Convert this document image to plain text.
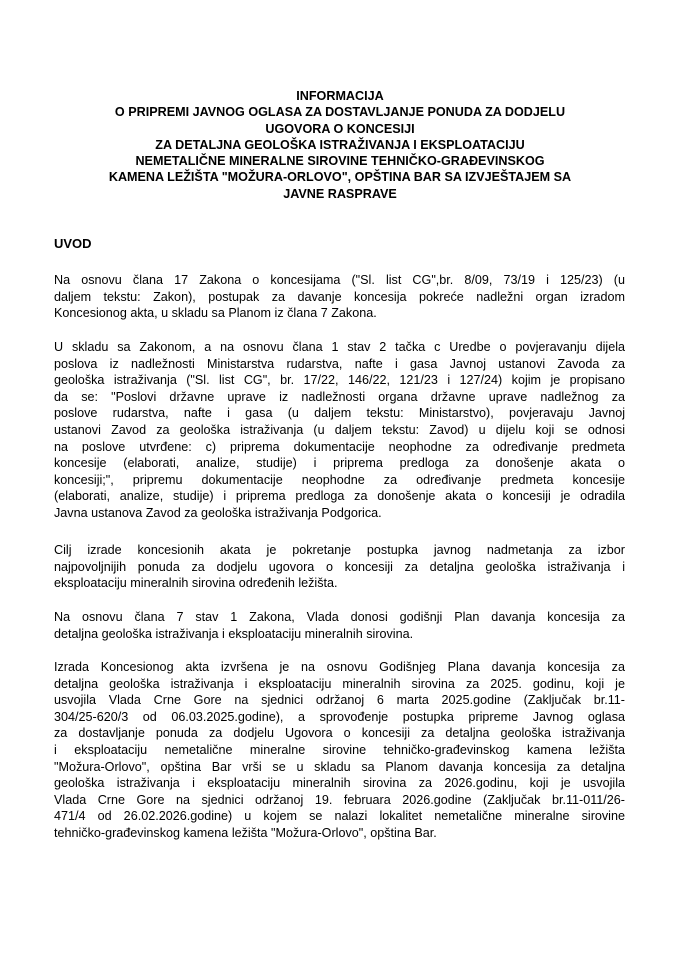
INFORMACIJA
O PRIPREMI JAVNOG OGLASA ZA DOSTAVLJANJE PONUDA ZA DODJELU
UGOVORA O KONCESIJI
ZA DETALJNA GEOLOŠKA ISTRAŽIVANJA I EKSPLOATACIJU
NEMETALIČNE MINERALNE SIROVINE TEHNIČKO-GRAĐEVINSKOG
KAMENA LEŽIŠTA "MOŽURA-ORLOVO", OPŠTINA BAR SA IZVJEŠTAJEM SA
JAVNE RASPRAVE
UVOD
Na osnovu člana 17 Zakona o koncesijama ("Sl. list CG",br. 8/09, 73/19 i 125/23) (u
daljem tekstu: Zakon), postupak za davanje koncesija pokreće nadležni organ izradom
Koncesionog akta, u skladu sa Planom iz člana 7 Zakona.
U skladu sa Zakonom, a na osnovu člana 1 stav 2 tačka c Uredbe o povjeravanju dijela
poslova iz nadležnosti Ministarstva rudarstva, nafte i gasa Javnoj ustanovi Zavoda za
geološka istraživanja ("Sl. list CG", br. 17/22, 146/22, 121/23 i 127/24) kojim je propisano
da se: "Poslovi državne uprave iz nadležnosti organa državne uprave nadležnog za
poslove rudarstva, nafte i gasa (u daljem tekstu: Ministarstvo), povjeravaju Javnoj
ustanovi Zavod za geološka istraživanja (u daljem tekstu: Zavod) u dijelu koji se odnosi
na poslove utvrđene: c) priprema dokumentacije neophodne za određivanje predmeta
koncesije (elaborati, analize, studije) i priprema predloga za donošenje akata o
koncesiji;", pripremu dokumentacije neophodne za određivanje predmeta koncesije
(elaborati, analize, studije) i priprema predloga za donošenje akata o koncesiji je odradila
Javna ustanova Zavod za geološka istraživanja Podgorica.
Cilj izrade koncesionih akata je pokretanje postupka javnog nadmetanja za izbor
najpovoljnijih ponuda za dodjelu ugovora o koncesiji za detaljna geološka istraživanja i
eksploataciju mineralnih sirovina određenih ležišta.
Na osnovu člana 7 stav 1 Zakona, Vlada donosi godišnji Plan davanja koncesija za
detaljna geološka istraživanja i eksploataciju mineralnih sirovina.
Izrada Koncesionog akta izvršena je na osnovu Godišnjeg Plana davanja koncesija za
detaljna geološka istraživanja i eksploataciju mineralnih sirovina za 2025. godinu, koji je
usvojila Vlada Crne Gore na sjednici održanoj 6 marta 2025.godine (Zaključak br.11-
304/25-620/3 od 06.03.2025.godine), a sprovođenje postupka pripreme Javnog oglasa
za dostavljanje ponuda za dodjelu Ugovora o koncesiji za detaljna geološka istraživanja
i eksploataciju nemetalične mineralne sirovine tehničko-građevinskog kamena ležišta
"Možura-Orlovo", opština Bar vrši se u skladu sa Planom davanja koncesija za detaljna
geološka istraživanja i eksploataciju mineralnih sirovina za 2026.godinu, koji je usvojila
Vlada Crne Gore na sjednici održanoj 19. februara 2026.godine (Zaključak br.11-011/26-
471/4 od 26.02.2026.godine) u kojem se nalazi lokalitet nemetalične mineralne sirovine
tehničko-građevinskog kamena ležišta "Možura-Orlovo", opština Bar.
